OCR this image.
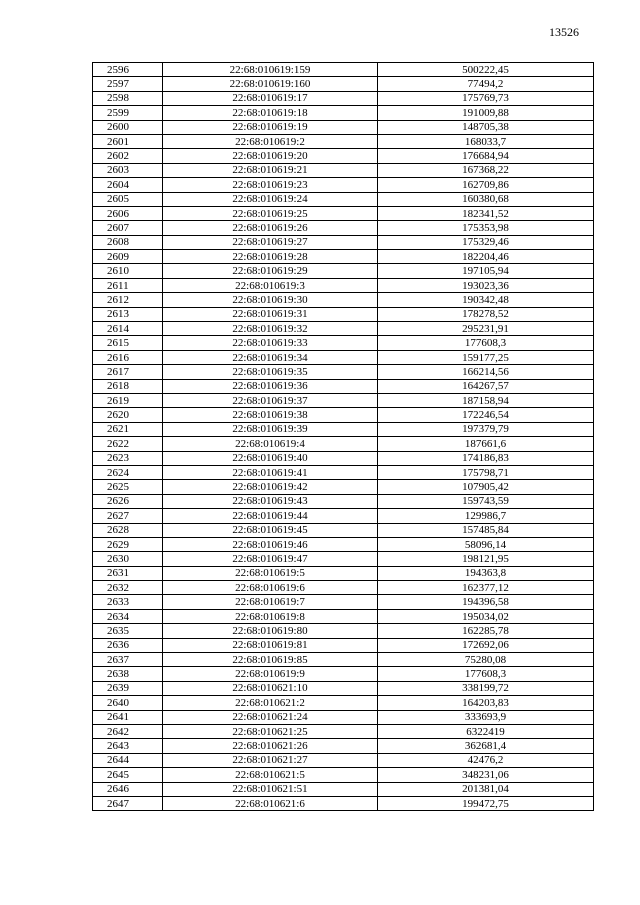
13526
2596	22:68:010619:159	500222,45
2597	22:68:010619:160	77494,2
2598	22:68:010619:17	175769,73
2599	22:68:010619:18	191009,88
2600	22:68:010619:19	148705,38
2601	22:68:010619:2	168033,7
2602	22:68:010619:20	176684,94
2603	22:68:010619:21	167368,22
2604	22:68:010619:23	162709,86
2605	22:68:010619:24	160380,68
2606	22:68:010619:25	182341,52
2607	22:68:010619:26	175353,98
2608	22:68:010619:27	175329,46
2609	22:68:010619:28	182204,46
2610	22:68:010619:29	197105,94
2611	22:68:010619:3	193023,36
2612	22:68:010619:30	190342,48
2613	22:68:010619:31	178278,52
2614	22:68:010619:32	295231,91
2615	22:68:010619:33	177608,3
2616	22:68:010619:34	159177,25
2617	22:68:010619:35	166214,56
2618	22:68:010619:36	164267,57
2619	22:68:010619:37	187158,94
2620	22:68:010619:38	172246,54
2621	22:68:010619:39	197379,79
2622	22:68:010619:4	187661,6
2623	22:68:010619:40	174186,83
2624	22:68:010619:41	175798,71
2625	22:68:010619:42	107905,42
2626	22:68:010619:43	159743,59
2627	22:68:010619:44	129986,7
2628	22:68:010619:45	157485,84
2629	22:68:010619:46	58096,14
2630	22:68:010619:47	198121,95
2631	22:68:010619:5	194363,8
2632	22:68:010619:6	162377,12
2633	22:68:010619:7	194396,58
2634	22:68:010619:8	195034,02
2635	22:68:010619:80	162285,78
2636	22:68:010619:81	172692,06
2637	22:68:010619:85	75280,08
2638	22:68:010619:9	177608,3
2639	22:68:010621:10	338199,72
2640	22:68:010621:2	164203,83
2641	22:68:010621:24	333693,9
2642	22:68:010621:25	6322419
2643	22:68:010621:26	362681,4
2644	22:68:010621:27	42476,2
2645	22:68:010621:5	348231,06
2646	22:68:010621:51	201381,04
2647	22:68:010621:6	199472,75
